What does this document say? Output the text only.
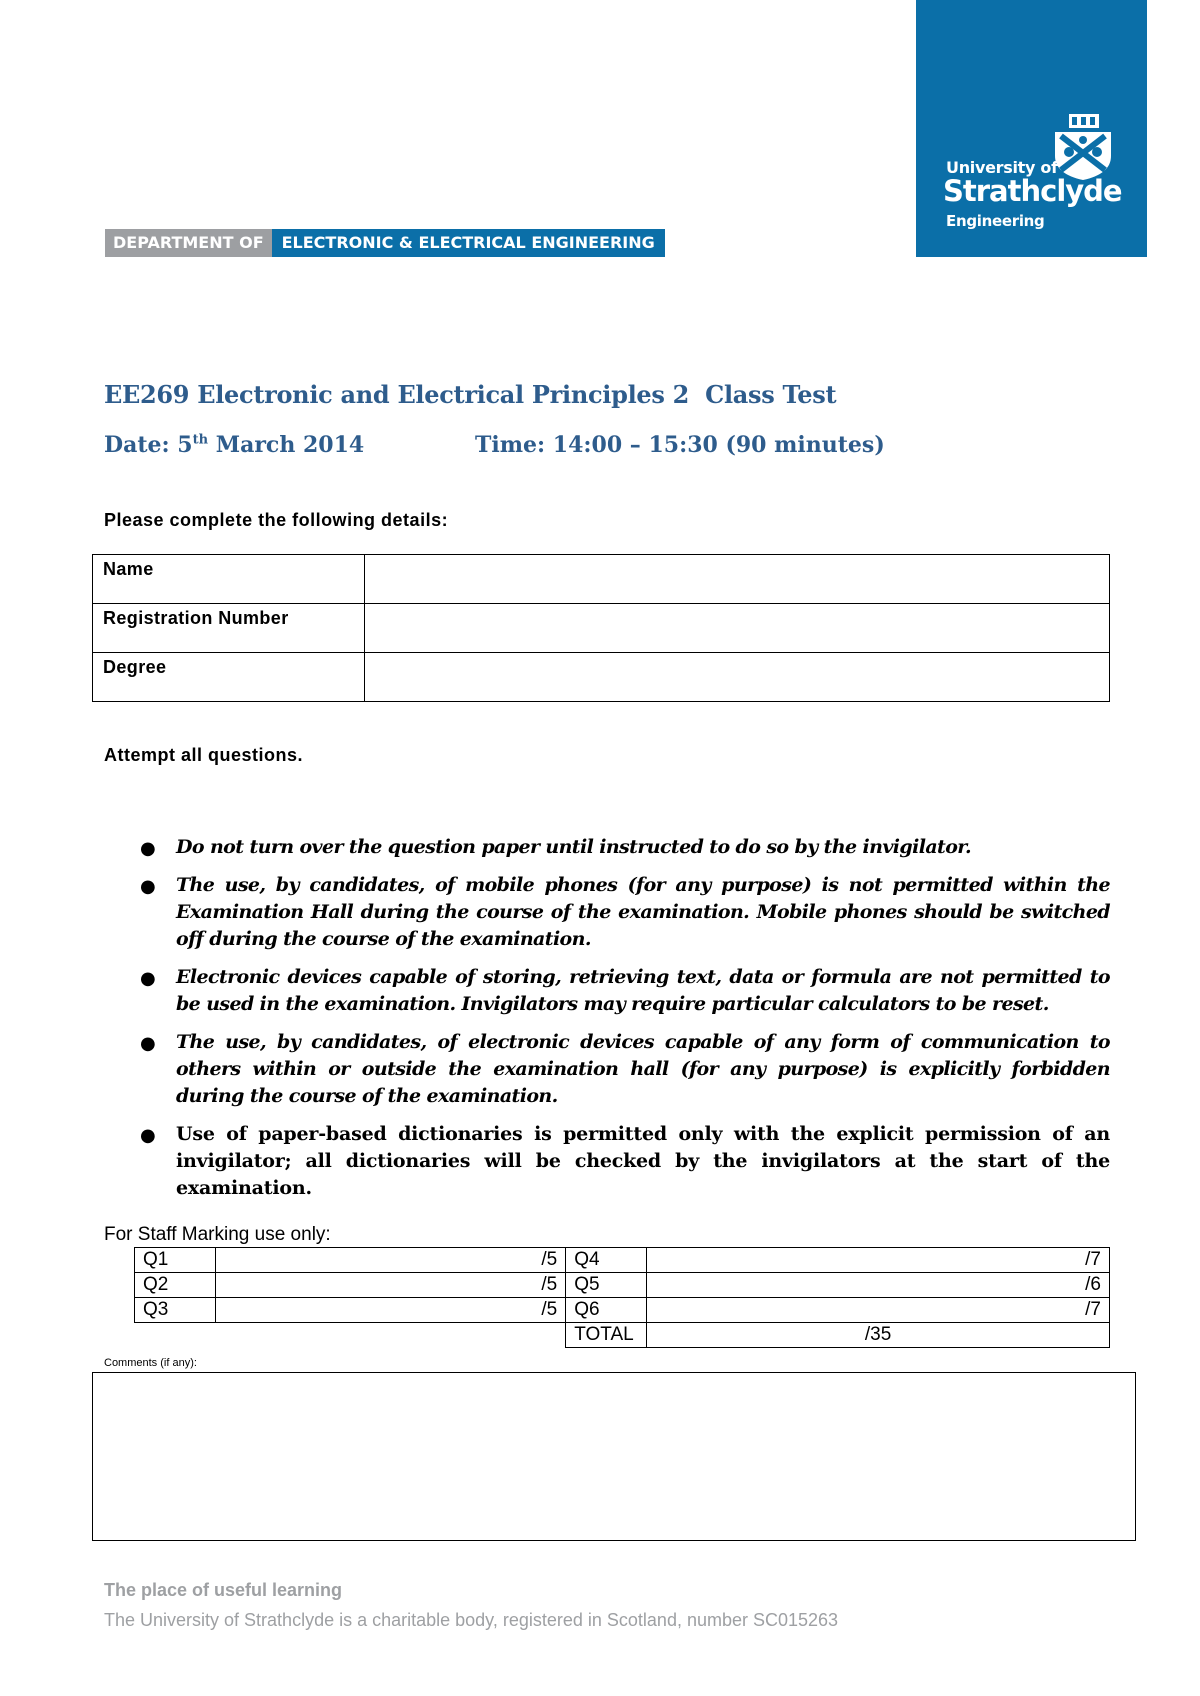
University of
Strathclyde
Engineering
DEPARTMENT OF	ELECTRONIC & ELECTRICAL ENGINEERING
EE269 Electronic and Electrical Principles 2  Class Test
Date: 5th March 2014	Time: 14:00 – 15:30 (90 minutes)
Please complete the following details:
Name	
Registration Number	
Degree	
Attempt all questions.
● Do not turn over the question paper until instructed to do so by the invigilator.
● The use, by candidates, of mobile phones (for any purpose) is not permitted within the Examination Hall during the course of the examination. Mobile phones should be switched off during the course of the examination.
● Electronic devices capable of storing, retrieving text, data or formula are not permitted to be used in the examination. Invigilators may require particular calculators to be reset.
● The use, by candidates, of electronic devices capable of any form of communication to others within or outside the examination hall (for any purpose) is explicitly forbidden during the course of the examination.
● Use of paper-based dictionaries is permitted only with the explicit permission of an invigilator; all dictionaries will be checked by the invigilators at the start of the examination.
For Staff Marking use only:
Q1	/5	Q4	/7
Q2	/5	Q5	/6
Q3	/5	Q6	/7
		TOTAL	/35
Comments (if any):
The place of useful learning
The University of Strathclyde is a charitable body, registered in Scotland, number SC015263
